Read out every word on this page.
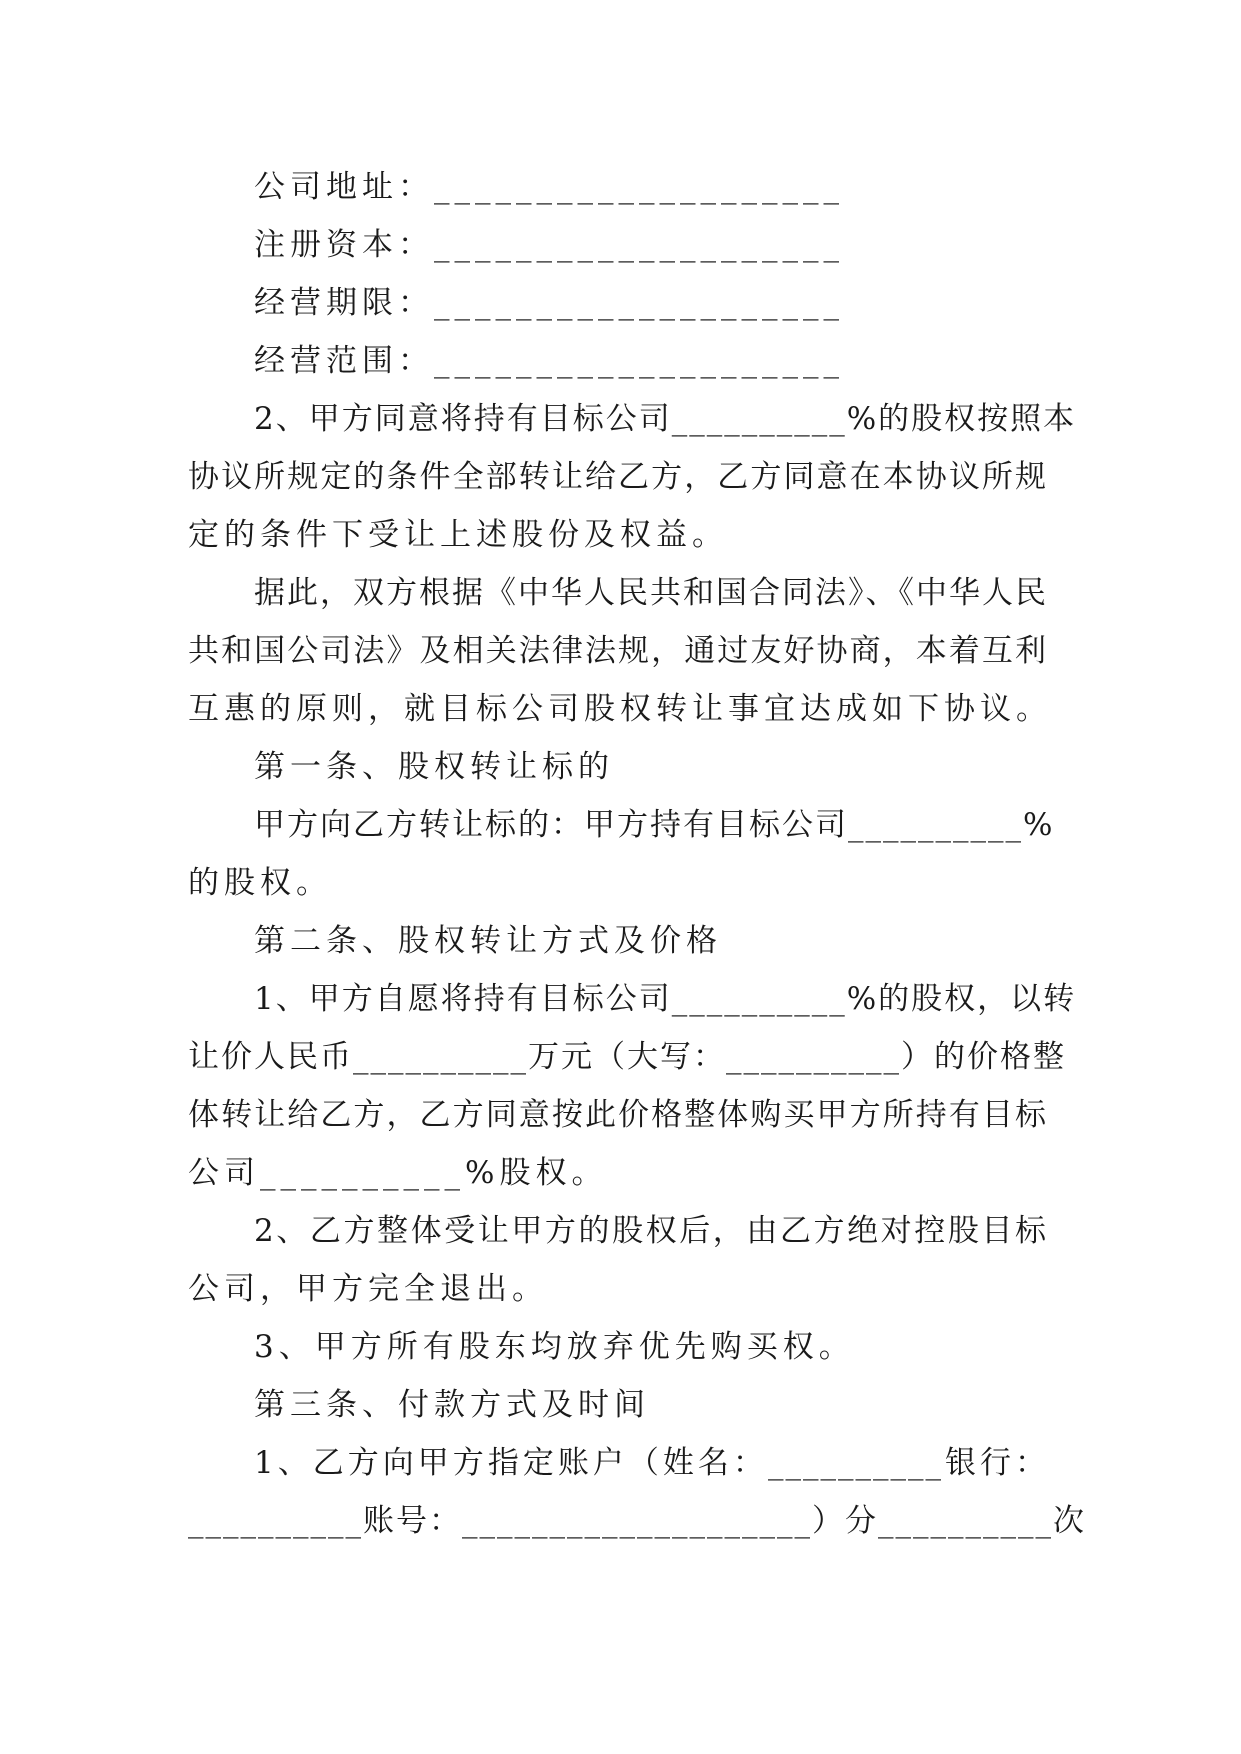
公司地址：____________________
注册资本：____________________
经营期限：____________________
经营范围：____________________
2、甲方同意将持有目标公司__________%的股权按照本
协议所规定的条件全部转让给乙方，乙方同意在本协议所规
定的条件下受让上述股份及权益。
据此，双方根据《中华人民共和国合同法》、《中华人民
共和国公司法》及相关法律法规，通过友好协商，本着互利
互惠的原则，就目标公司股权转让事宜达成如下协议。
第一条、股权转让标的
甲方向乙方转让标的：甲方持有目标公司__________%
的股权。
第二条、股权转让方式及价格
1、甲方自愿将持有目标公司__________%的股权，以转
让价人民币__________万元（大写：__________）的价格整
体转让给乙方，乙方同意按此价格整体购买甲方所持有目标
公司__________%股权。
2、乙方整体受让甲方的股权后，由乙方绝对控股目标
公司，甲方完全退出。
3、甲方所有股东均放弃优先购买权。
第三条、付款方式及时间
1、乙方向甲方指定账户（姓名：__________银行：
__________账号：____________________）分__________次
